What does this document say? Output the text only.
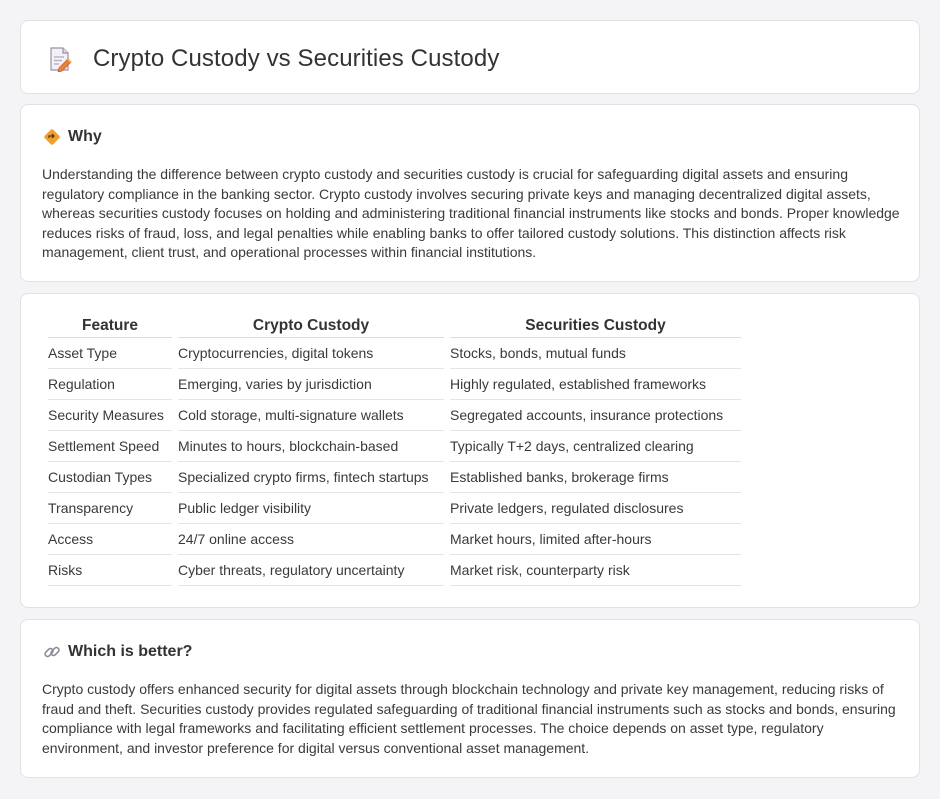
Crypto Custody vs Securities Custody
Why

Understanding the difference between crypto custody and securities custody is crucial for safeguarding digital assets and ensuring regulatory compliance in the banking sector. Crypto custody involves securing private keys and managing decentralized digital assets, whereas securities custody focuses on holding and administering traditional financial instruments like stocks and bonds. Proper knowledge reduces risks of fraud, loss, and legal penalties while enabling banks to offer tailored custody solutions. This distinction affects risk management, client trust, and operational processes within financial institutions.

Feature	Crypto Custody	Securities Custody
Asset Type	Cryptocurrencies, digital tokens	Stocks, bonds, mutual funds
Regulation	Emerging, varies by jurisdiction	Highly regulated, established frameworks
Security Measures	Cold storage, multi-signature wallets	Segregated accounts, insurance protections
Settlement Speed	Minutes to hours, blockchain-based	Typically T+2 days, centralized clearing
Custodian Types	Specialized crypto firms, fintech startups	Established banks, brokerage firms
Transparency	Public ledger visibility	Private ledgers, regulated disclosures
Access	24/7 online access	Market hours, limited after-hours
Risks	Cyber threats, regulatory uncertainty	Market risk, counterparty risk
Which is better?

Crypto custody offers enhanced security for digital assets through blockchain technology and private key management, reducing risks of fraud and theft. Securities custody provides regulated safeguarding of traditional financial instruments such as stocks and bonds, ensuring compliance with legal frameworks and facilitating efficient settlement processes. The choice depends on asset type, regulatory environment, and investor preference for digital versus conventional asset management.
